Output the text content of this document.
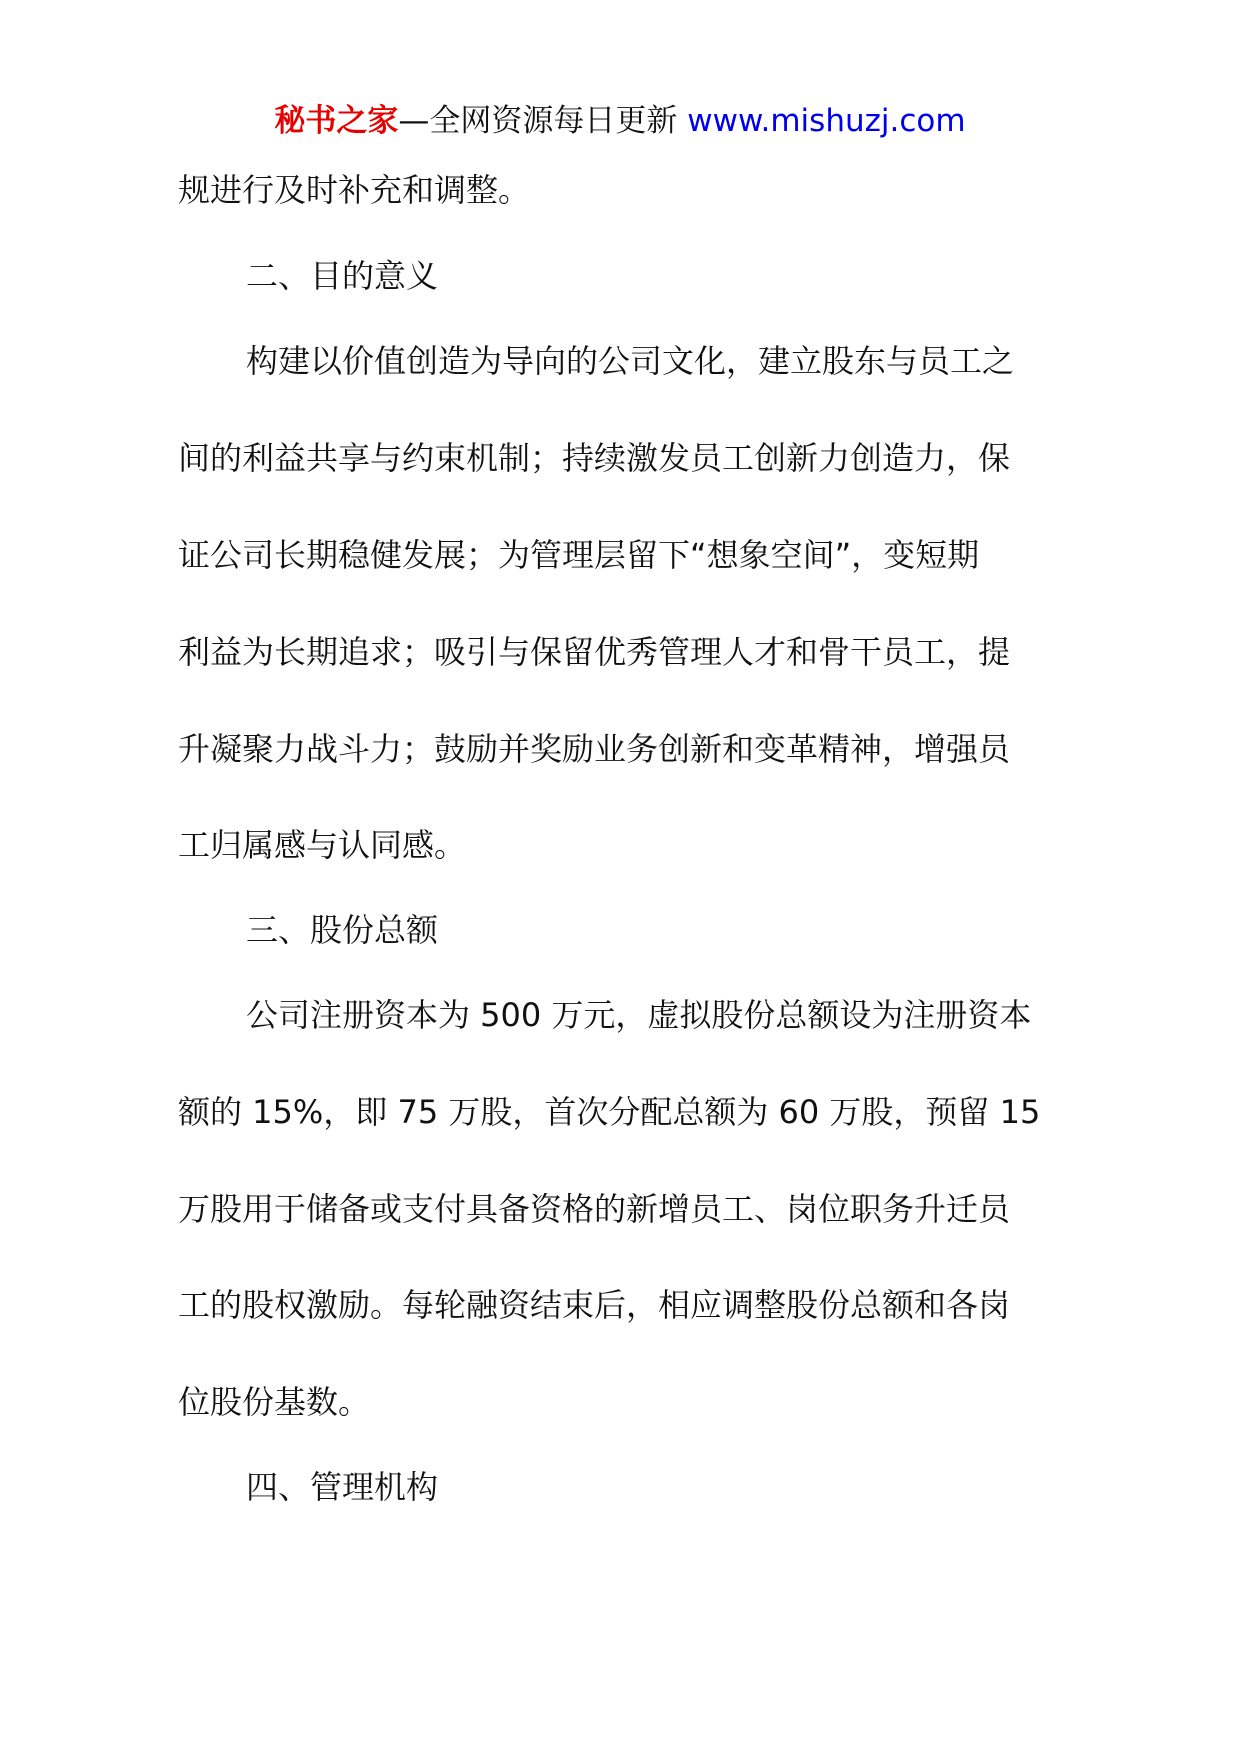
秘书之家—全网资源每日更新 www.mishuzj.com
规进行及时补充和调整。
二、目的意义
构建以价值创造为导向的公司文化，建立股东与员工之
间的利益共享与约束机制；持续激发员工创新力创造力，保
证公司长期稳健发展；为管理层留下“想象空间”，变短期
利益为长期追求；吸引与保留优秀管理人才和骨干员工，提
升凝聚力战斗力；鼓励并奖励业务创新和变革精神，增强员
工归属感与认同感。
三、股份总额
公司注册资本为 500 万元，虚拟股份总额设为注册资本
额的 15%，即 75 万股，首次分配总额为 60 万股，预留 15
万股用于储备或支付具备资格的新增员工、岗位职务升迁员
工的股权激励。每轮融资结束后，相应调整股份总额和各岗
位股份基数。
四、管理机构
